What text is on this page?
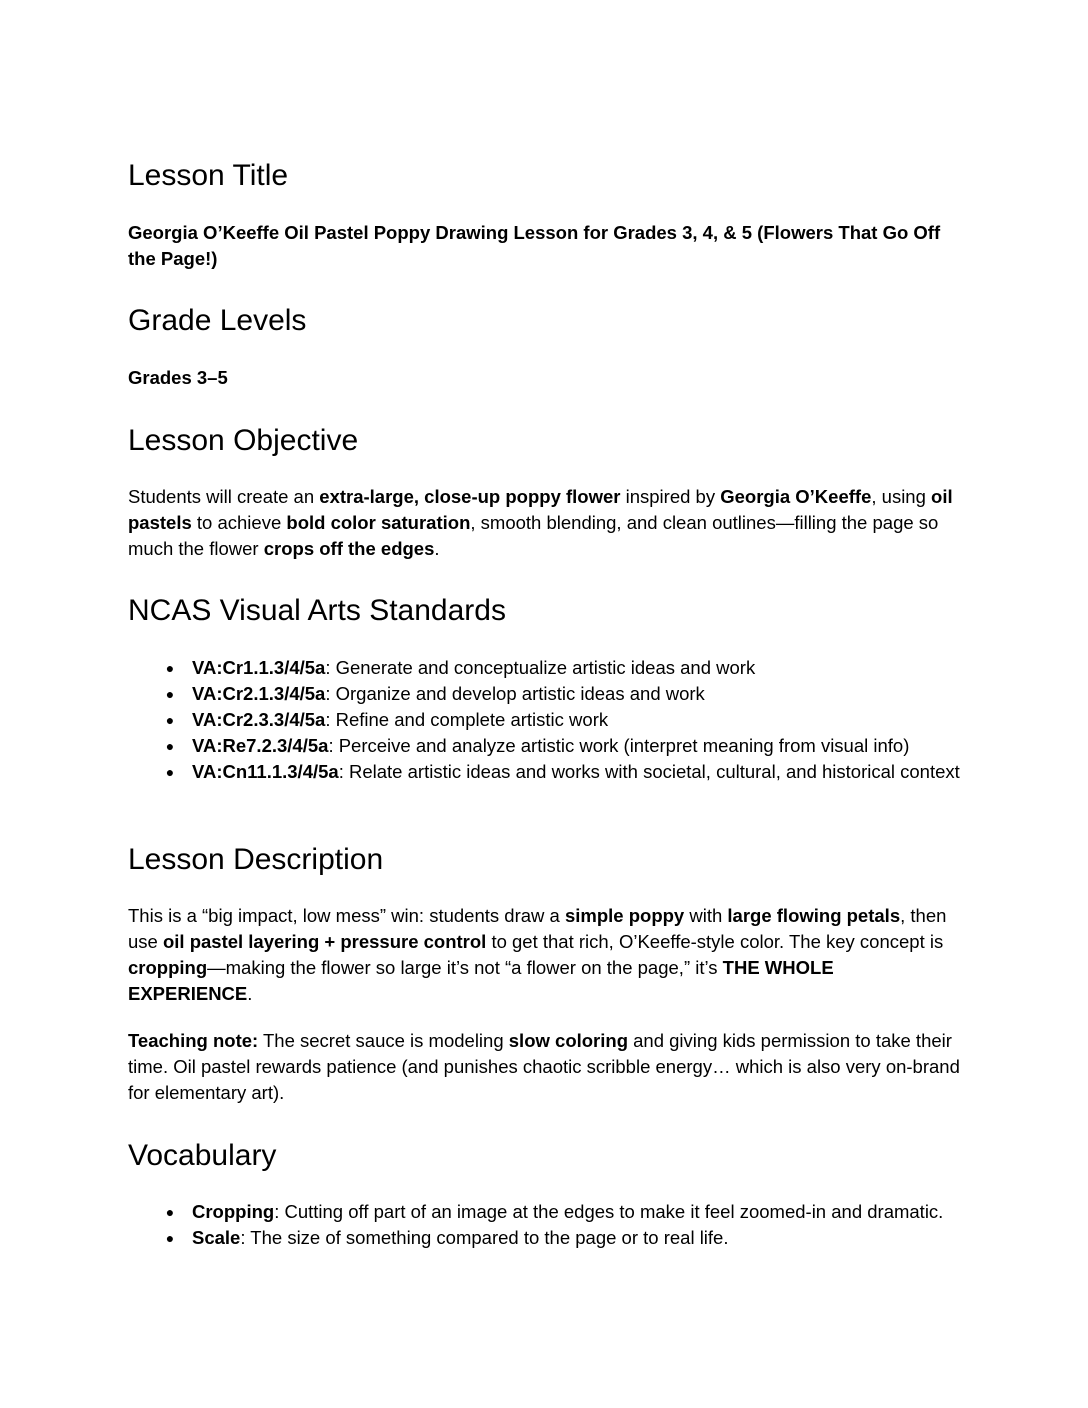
Lesson Title

Georgia O’Keeffe Oil Pastel Poppy Drawing Lesson for Grades 3, 4, & 5 (Flowers That Go Off the Page!)

Grade Levels

Grades 3–5

Lesson Objective

Students will create an extra-large, close-up poppy flower inspired by Georgia O’Keeffe, using oil pastels to achieve bold color saturation, smooth blending, and clean outlines—filling the page so much the flower crops off the edges.

NCAS Visual Arts Standards
● VA:Cr1.1.3/4/5a: Generate and conceptualize artistic ideas and work
● VA:Cr2.1.3/4/5a: Organize and develop artistic ideas and work
● VA:Cr2.3.3/4/5a: Refine and complete artistic work
● VA:Re7.2.3/4/5a: Perceive and analyze artistic work (interpret meaning from visual info)
● VA:Cn11.1.3/4/5a: Relate artistic ideas and works with societal, cultural, and historical context
Lesson Description

This is a “big impact, low mess” win: students draw a simple poppy with large flowing petals, then use oil pastel layering + pressure control to get that rich, O’Keeffe-style color. The key concept is cropping—making the flower so large it’s not “a flower on the page,” it’s THE WHOLE EXPERIENCE.

Teaching note: The secret sauce is modeling slow coloring and giving kids permission to take their time. Oil pastel rewards patience (and punishes chaotic scribble energy… which is also very on-brand for elementary art).

Vocabulary
● Cropping: Cutting off part of an image at the edges to make it feel zoomed-in and dramatic.
● Scale: The size of something compared to the page or to real life.
